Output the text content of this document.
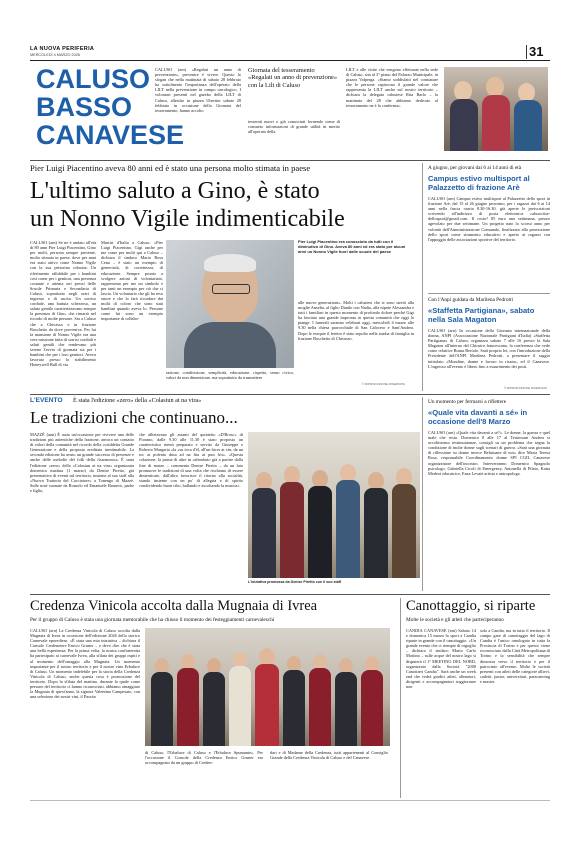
LA NUOVA PERIFERIA
MERCOLEDÌ 4 MARZO 2026	31
CALUSO
BASSO
CANAVESE
CALUSO (arn) «Regalati un anno di prevenzione», prevenire è vivere. Questo lo slogan che nella mattinata di sabato 28 febbraio ha sottolineato l'importanza dell'operato della LILT nella prevenzione in campo oncologico. I volontari presenti nel gazebo della LILT di Caluso, allestito in piazza Ubertini sabato 28 febbraio in occasione della Giornata del tesseramento, hanno accolto
Giornata del tesseramento «Regalati un anno di prevenzione» con la Lilt di Caluso
tesserati nuovi o già conosciuti fornendo come di consueto informazioni di grande utilità in merito all'operato della
LILT e alle visite che vengono effettuate nella sede di Caluso, sita al 3° piano del Palazzo Municipale, in piazza Valperga. «Siamo soddisfatti nel constatare che le persone capiscono il grande valore che rappresenta la LILT anche sul nostro territorio – dichiara la delegata calusiese Rita Barlo – la mattinata del 28 che abbiamo dedicato al tesseramento ne è la conferma».
Pier Luigi Piacentino aveva 80 anni ed è stato una persona molto stimata in paese
L'ultimo saluto a Gino, è stato
un Nonno Vigile indimenticabile
CALUSO (arn) Se ne è andato all'età di 80 anni Pier Luigi Piacentino, Gino per molti, persona sempre presente, molto stimata in paese, dove per anni era stato attivo come Nonno Vigile con la sua pettorina colorata. Un riferimento affidabile per i bambini così come per i genitori, una presenza costante e attenta nei pressi delle Scuole Primaria e Secondaria di Caluso, soprattutto negli orari di ingresso e di uscita. Un sorriso cordiale, una battuta scherzosa, un saluto gentile caratterizzavano sempre la presenza di Gino, che rimarrà nel ricordo di molte persone. Sia a Caluso che a Chivasso e in frazione Boschetto da dove proveniva. Per lui la mansione di Nonno Vigile era una vera missione fatta di sorrisi cordiali e saluti gentili che rendevano più sereno l'avvio di giornata sia per i bambini che per i loro genitori. Aveva lavorato presso lo stabilimento Honeywell Bull di via
Murtiri d'Italia a Caluso. «Pier Luigi Piacentino, Gigi anche per me come per molti qui a Caluso – dichiara il sindaco Mario Rosa Cena – è stato un esempio di generosità, di correttezza, di educazione. Sempre pronto a svolgere azioni di volontariato, rappresenta per me un simbolo e per tanti un esempio per ciò che ci lascia. Un volontario che gli ha reso onore e che lo farà ricordare dai molti di coloro che sono stati bambini quando aveva lo. Persone come lui sono un esempio importante di collabo-
razione, condivisione, semplicità, educazione, rispetto, senso civico, valori da non dimenticare, ma soprattutto da trasmettere
Pier Luigi Piacentino era conosciuto da tutti con il diminutivo di Gino. Aveva 80 anni ed era stato per alcuni anni un Nonno Vigile fuori dalle scuole del paese
alle nuove generazioni». Molti i calusiesi che si sono stretti alla moglie Anselia, al figlio Danilo con Nadia, alla nipote Alessandra e tutti i familiari in questo momento di profondo dolore perché Gigi ha lasciato una grande impronta in questa comunità che oggi lo piange. I funerali saranno celebrati oggi, mercoledì 4 marzo alle 9.30 nella chiesa parrocchiale di San Calocero e Sant'Andrea. Dopo le esequie il feretro è stato sepolto nella tomba di famiglia in frazione Boschetto di Chivasso.
© RIPRODUZIONE RISERVATA
A giugno, per giovani dai 6 ai 14 anni di età
Campus estivo multisport al Palazzetto di frazione Arè
CALUSO (arn) Campus estivo multisport al Palazzetto dello sport in frazione Arè, dal 15 al 26 giugno prossimo, per i ragazzi dai 6 ai 14 anni nella fascia oraria 8.30-16.30, già aperte le preiscrizioni scrivendo all'indirizzo di posta elettronica calusocitta-dellosport@gmail.com. Il costo? 85 euro una settimana, prezzo agevolato per due settimane. Un progetto nato lo scorso anno per volontà dell'Amministrazione Comunale, finalizzato alla promozione dello sport come strumento educativo e aperto ai ragazzi con l'appoggio delle associazioni sportive del territorio.
Con l'Anpi guidata da Marilena Pedrotti
«Staffetta Partigiana», sabato nella Sala Magaton
CALUSO (arn) In occasione della Giornata internazionale della donna, ANPI (Associazione Nazionale Partigiani d'Italia) «Staffetta Partigiana» di Caluso, organizza sabato 7 alle 16 presso la Sala Magaton all'interno del Chiostro francescano, la conferenza che vede come relatrice Bruna Bertolo. Sarà proprio lei, con l'introduzione della Presidente dell'ANPI Marilena Pedrotti, a presentare il saggio intitolato «Mondine, donne e lavoro in risaia», ed il Canavese. L'ingresso all'evento è libero fino a esaurimento dei posti.
© RIPRODUZIONE RISERVATA
L'EVENTO È stata l'edizione «zero» della «Colasiun at na vira»
Le tradizioni che continuano...
MAZZÈ (aun) È stata un'occasione per rivivere una delle tradizioni più autentiche della frazione, ancora un contatto di valori della comunità nel ricordo della cosiddetta Grande Generazione e della proposta ereditata inestimabile. La seconda edizione ha avuto un grande successo di presenze e anche delle melodie del folk della fisarmonica. È stata l'edizione «zero» della «Colasiun at na vira» organizzata domenica mattina (1 marzo) da Denise Piretto, già presentatrice di eventi sul territorio, insieme al suo staff alla «Nuova Trattoria del Cacciatore» a Tonengo di Mazzè. Sulle note suonate da Romolo ed Emanuele Brunero, padre e figlio,
che allietavano gli astanti del quintetto «D'Brosc» di Fiorano, dalle 9.30 alle 11.30 è stato proposto un caratteristico menù preparato e servito da Giuseppe e Roberto Margaria «la «su toca d'ël, all'un bicer at vin, da un toc at polenta dusa ad na fita at pun frit». «Questa colazione, la prima di altre in calendario già a partire dalla fine di marzo – commenta Denise Piretto – da un lato promuove le tradizioni di una volta che rischiano di essere dimenticate, dall'altro favorisce il ritorno alla socialità, stando insieme con un po' di allegria e di spirito condividendo buon cibo, ballando e ascoltando la musica».
L'iniziativa promossa da Denise Piretto con il suo staff
Un momento per fermarsi a riflettere
«Quale vita davanti a sé» in occasione dell'8 Marzo
CALUSO (arn) «Quale vita davanti a sé?». Le donne, la guerra e quel male che resta. Domenica 8 alle 17 al Teatrosant Andrea si accoltinonso testimonianze, consigli su un problema che segna la condizione di molte donne sugli scenari di guerra. «Sarà una giornata di riflessione su donne invece Befutuane di noi» dice Maria Teresa Rosa, responsabile Coordinamento donne SPI CGIL Canavese organizzatore dell'incontro. Interverranno Domenico Spagnolo psicologo, Gabriella Cicoli di Emergency, Antonella di Pilato, Katia Medeot educatrice, Enza Levaté artista e antropologa.
Credenza Vinicola accolta dalla Mugnaia di Ivrea
Per il gruppo di Caluso è stata una giornata memorabile che ha chiuso il momento dei festeggiamenti carnevaleschi
CALUSO (arn) La Credenza Vinicola di Caluso accolta dalla Mugnaia di Ivrea in occasione dell'edizione 2026 dello storico Carnevale eporediese. «È stata una mia iniziativa – dichiara il Console Credenziere Enrico Gruner – e devo dire che è stata una bella esperienza. Per la prima volta, la nostra confraternita ha partecipato ai carnevale Ivrea, alla sfilata dei gruppi ospiti e al momento dell'omaggio alla Mugnaia. Un momento importante per il nostro territorio e per il nostro vino Erbaluce di Caluso. Un momento indelebile per la storia della Credenza Vinicola di Caluso, anche questa cosa è promozione del territorio. Dopo la sfilata del mattino, durante la quale come persone del territorio ci hanno riconosciuti, abbiamo omaggiato la Mugnaia di quest'anno, la signora Valentina Campesato, con una selezione dei nostri vini, il Passito
di Caluso, l'Erbaluce di Caluso e l'Erbaluce Spumante». Per l'occasione il Console della Credenza Enrico Gruner era accompagnato da un gruppo di Creden-
dari e di Madame della Credenza, tutti appartenenti al Consiglio Grande della Credenza Vinicola di Caluso e del Canavese.
Canottaggio, si riparte
Molte le società e gli atleti che parteciperanno
CANDIA CANAVESE (arn) Sabato 14 e domenica 15 marzo lo sport a Candia riparte in grande con il canottaggio. «Un grande evento che ci riempie di orgoglio – dichiara il sindaco Mario Carlo Mottino – sulle acque del nostro lago si disputerà il 1ª MEETING DEL NORD, organizzato dalla Società "2000 Canottieri Candia". Sarà anche un week end che vedrà giudici atleti, allenatori, dirigenti e accompagnatori soggiornare non
solo a Candia, ma in tutto il territorio. Il campo gare di canottaggio del lago di Candia è l'unico omologato in tutta la Provincia di Torino e per questo viene riconosciuto dalla Città Metropolitana di Torino e la sensibilità che sempre dimostra verso il territorio e per il patrocinio all'evento. Molte le società presenti con atleti delle categorie allievi, cadetti, junior, universitari, paracanoing e master.
